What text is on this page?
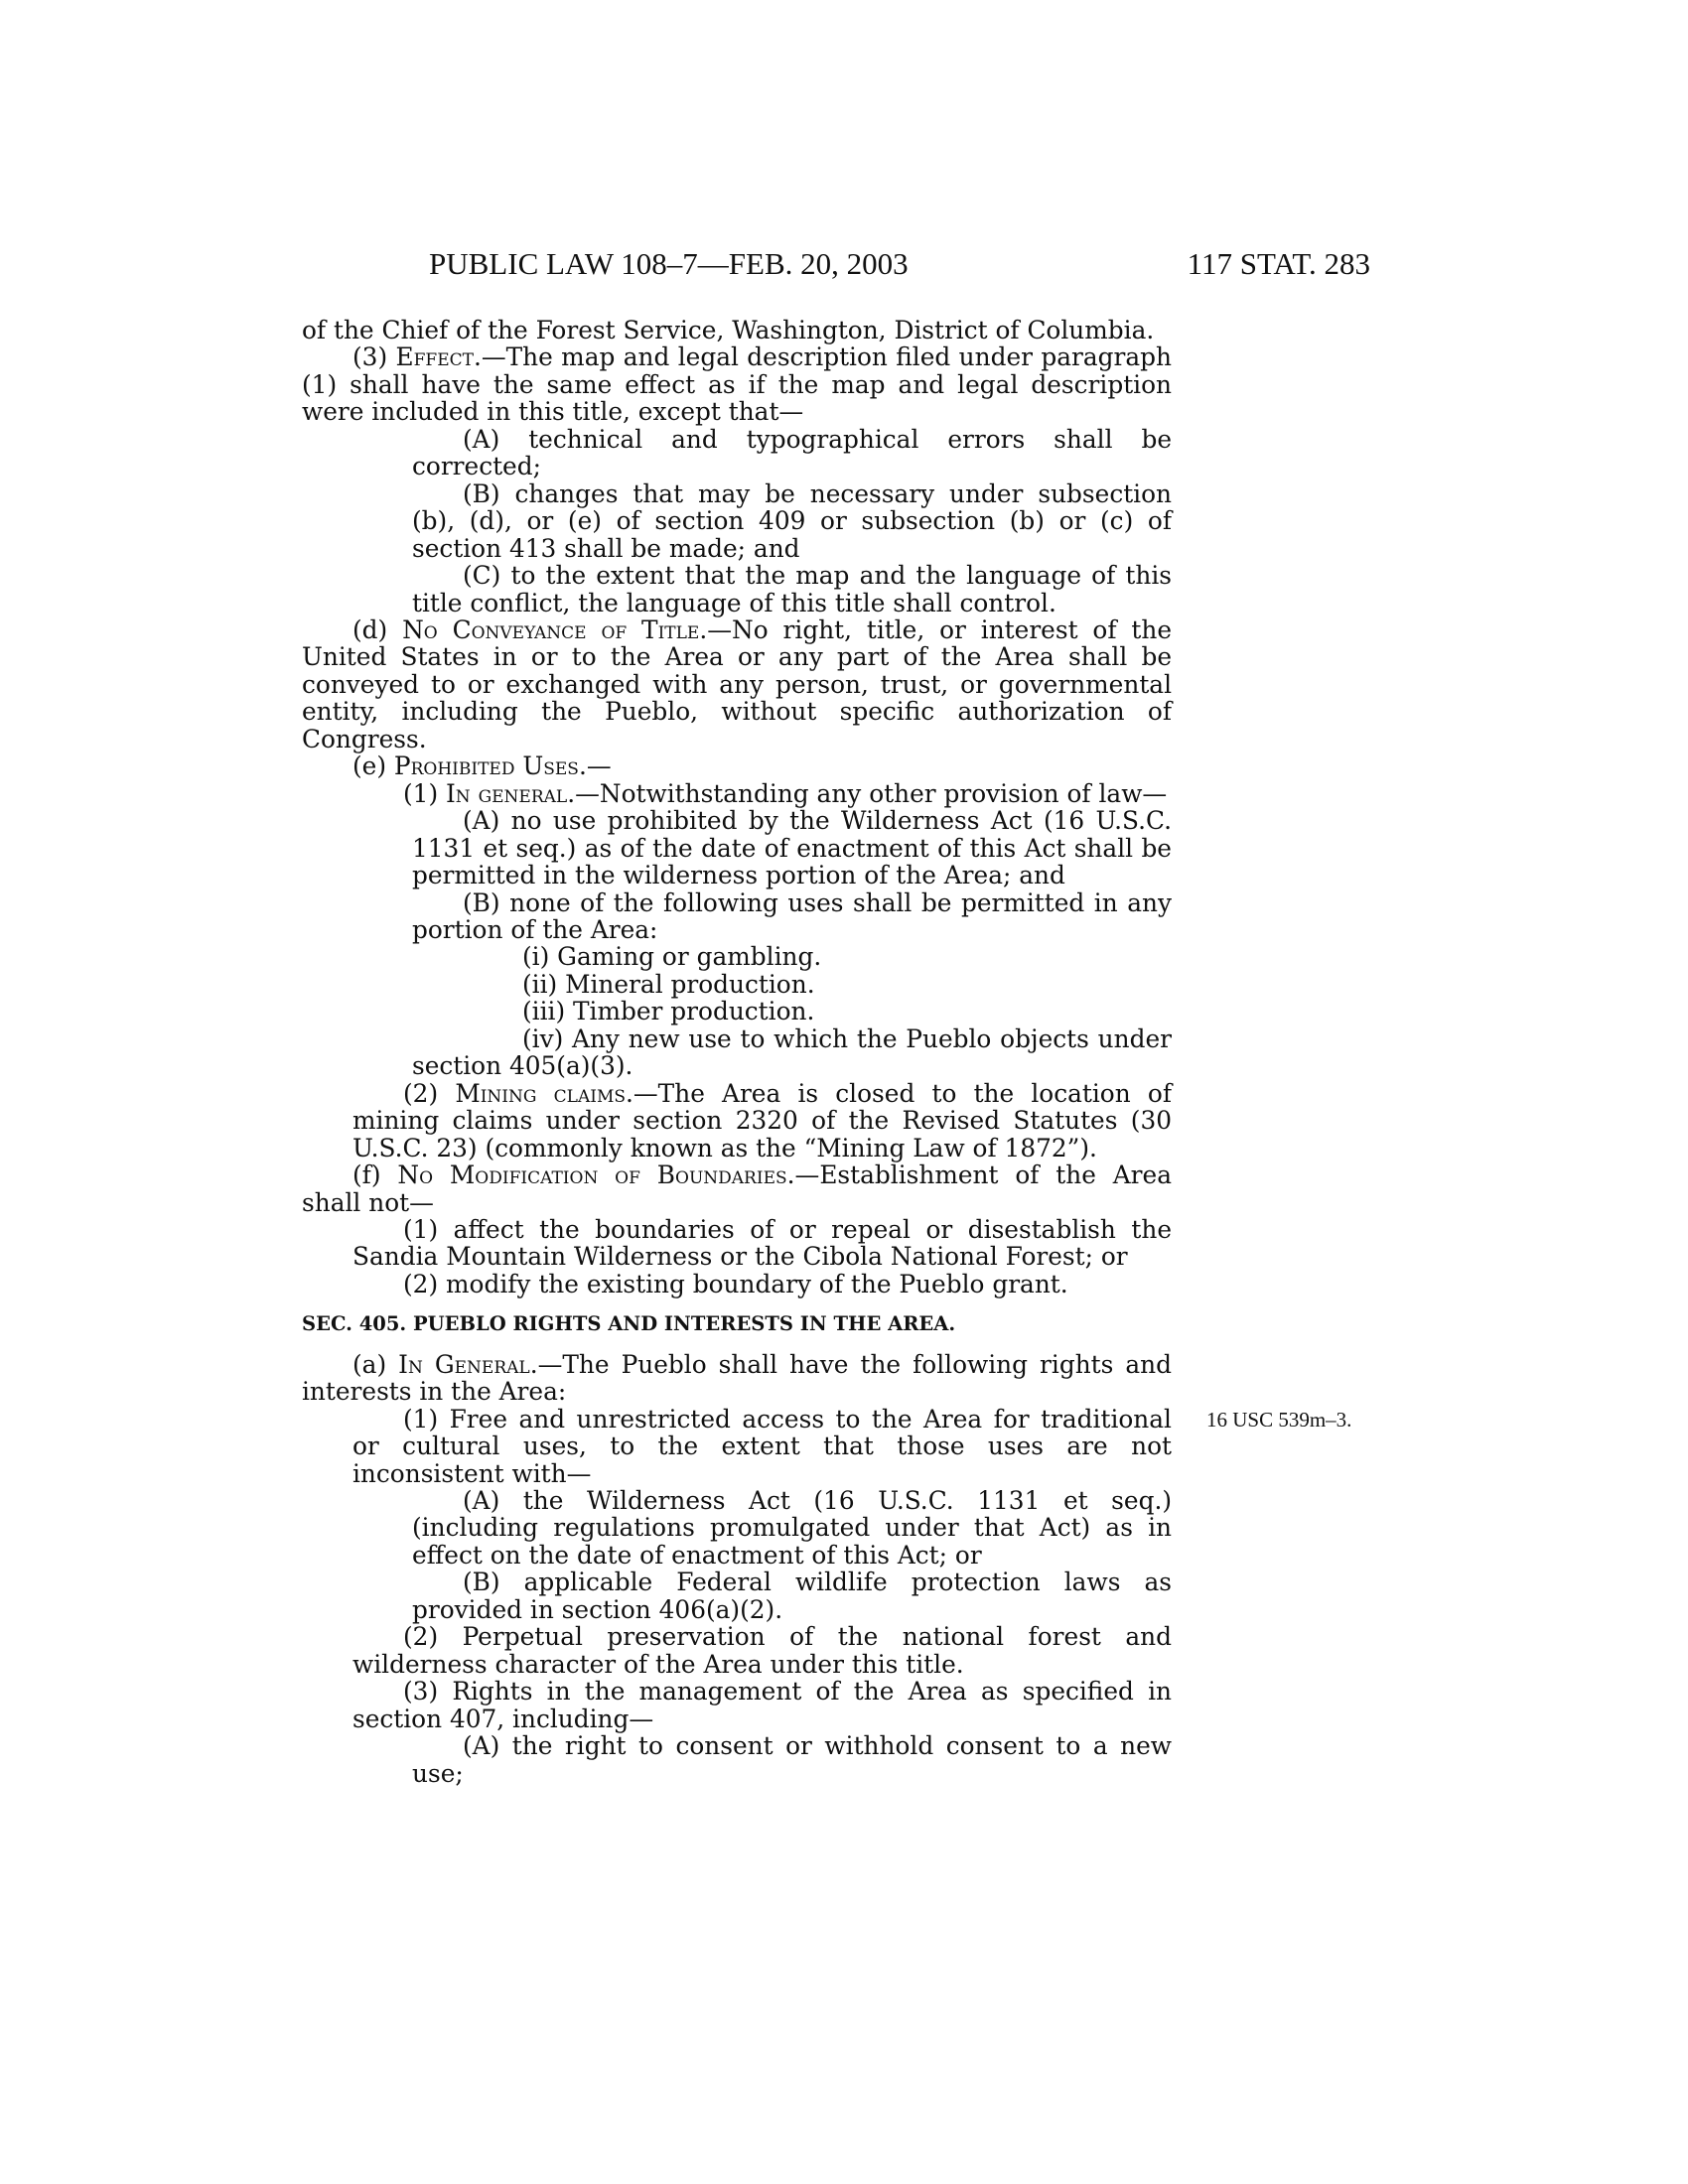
PUBLIC LAW 108–7—FEB. 20, 2003	117 STAT. 283
16 USC 539m–3.

of the Chief of the Forest Service, Washington, District of Columbia.

(3) Effect.—The map and legal description filed under paragraph (1) shall have the same effect as if the map and legal description were included in this title, except that—

(A) technical and typographical errors shall be corrected;

(B) changes that may be necessary under subsection (b), (d), or (e) of section 409 or subsection (b) or (c) of section 413 shall be made; and

(C) to the extent that the map and the language of this title conflict, the language of this title shall control.

(d) No Conveyance of Title.—No right, title, or interest of the United States in or to the Area or any part of the Area shall be conveyed to or exchanged with any person, trust, or governmental entity, including the Pueblo, without specific authorization of Congress.

(e) Prohibited Uses.—

(1) In general.—Notwithstanding any other provision of law—

(A) no use prohibited by the Wilderness Act (16 U.S.C. 1131 et seq.) as of the date of enactment of this Act shall be permitted in the wilderness portion of the Area; and

(B) none of the following uses shall be permitted in any portion of the Area:

(i) Gaming or gambling.

(ii) Mineral production.

(iii) Timber production.

(iv) Any new use to which the Pueblo objects under section 405(a)(3).

(2) Mining claims.—The Area is closed to the location of mining claims under section 2320 of the Revised Statutes (30 U.S.C. 23) (commonly known as the “Mining Law of 1872”).

(f) No Modification of Boundaries.—Establishment of the Area shall not—

(1) affect the boundaries of or repeal or disestablish the Sandia Mountain Wilderness or the Cibola National Forest; or

(2) modify the existing boundary of the Pueblo grant.

SEC. 405. PUEBLO RIGHTS AND INTERESTS IN THE AREA.

(a) In General.—The Pueblo shall have the following rights and interests in the Area:

(1) Free and unrestricted access to the Area for traditional or cultural uses, to the extent that those uses are not inconsistent with—

(A) the Wilderness Act (16 U.S.C. 1131 et seq.) (including regulations promulgated under that Act) as in effect on the date of enactment of this Act; or

(B) applicable Federal wildlife protection laws as provided in section 406(a)(2).

(2) Perpetual preservation of the national forest and wilderness character of the Area under this title.

(3) Rights in the management of the Area as specified in section 407, including—

(A) the right to consent or withhold consent to a new use;
